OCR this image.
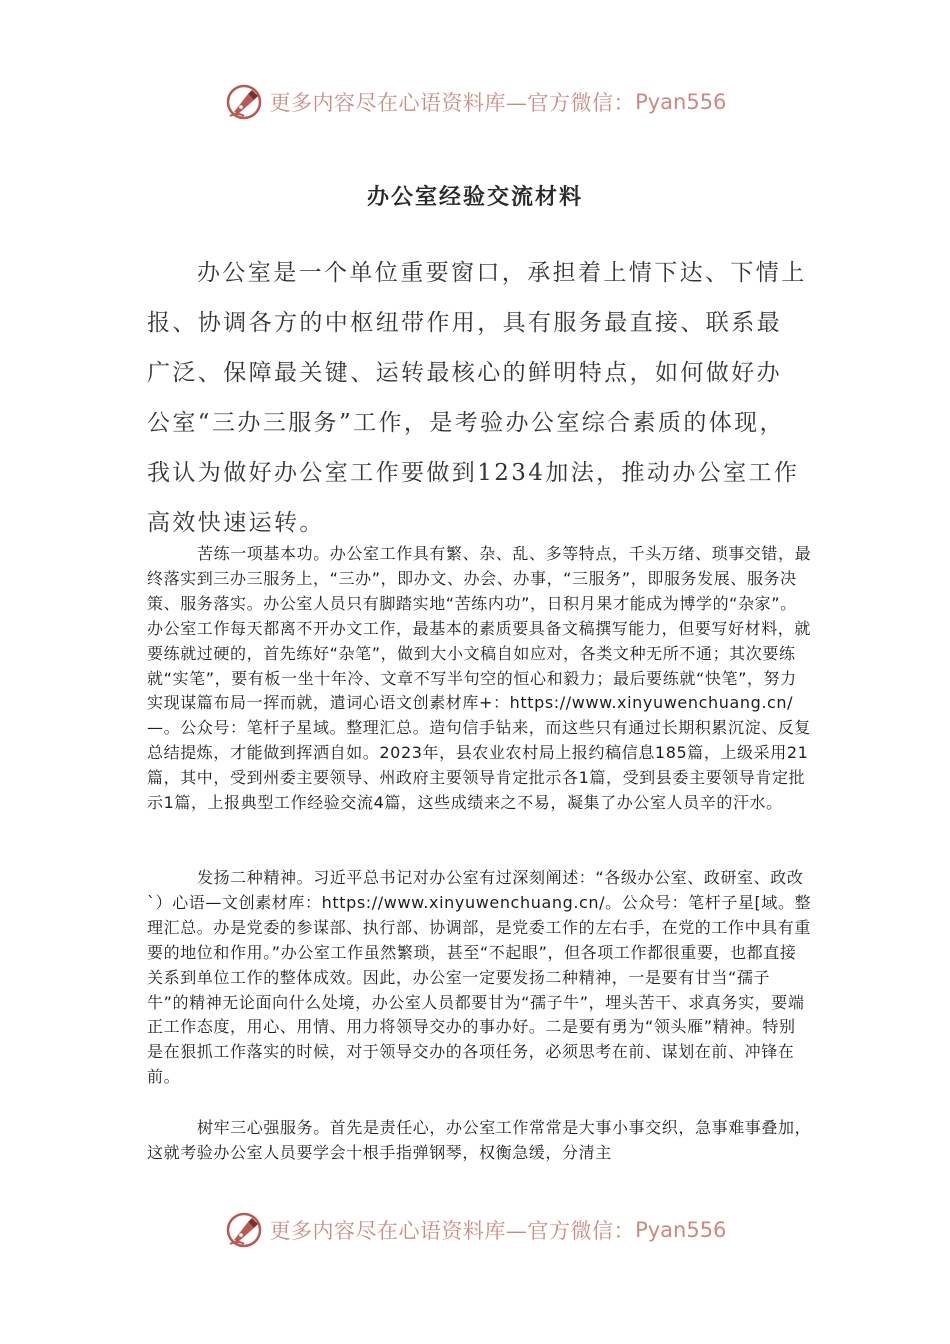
更多内容尽在心语资料库—官方微信： Pyan556
办公室经验交流材料

办公室是一个单位重要窗口，承担着上情下达、下情上报、协调各方的中枢纽带作用，具有服务最直接、联系最广泛、保障最关键、运转最核心的鲜明特点，如何做好办公室“三办三服务”工作，是考验办公室综合素质的体现，我认为做好办公室工作要做到1234加法，推动办公室工作高效快速运转。

苦练一项基本功。办公室工作具有繁、杂、乱、多等特点，千头万绪、琐事交错，最终落实到三办三服务上，“三办”，即办文、办会、办事，“三服务”，即服务发展、服务决策、服务落实。办公室人员只有脚踏实地“苦练内功”，日积月果才能成为博学的“杂家”。办公室工作每天都离不开办文工作，最基本的素质要具备文稿撰写能力，但要写好材料，就要练就过硬的，首先练好“杂笔”，做到大小文稿自如应对，各类文种无所不通；其次要练就“实笔”，要有板一坐十年冷、文章不写半句空的恒心和毅力；最后要练就“快笔”，努力实现谋篇布局一挥而就，遣词心语文创素材库+：https://www.xinyuwenchuang.cn/—。公众号：笔杆子星域。整理汇总。造句信手钻来，而这些只有通过长期积累沉淀、反复总结提炼，才能做到挥洒自如。2023年，县农业农村局上报约稿信息185篇，上级采用21篇，其中，受到州委主要领导、州政府主要领导肯定批示各1篇，受到县委主要领导肯定批示1篇，上报典型工作经验交流4篇，这些成绩来之不易，凝集了办公室人员辛的汗水。

发扬二种精神。习近平总书记对办公室有过深刻阐述：“各级办公室、政研室、政改`）心语—文创素材库：https://www.xinyuwenchuang.cn/。公众号：笔杆子星[域。整理汇总。办是党委的参谋部、执行部、协调部，是党委工作的左右手，在党的工作中具有重要的地位和作用。”办公室工作虽然繁琐，甚至“不起眼”，但各项工作都很重要，也都直接关系到单位工作的整体成效。因此，办公室一定要发扬二种精神，一是要有甘当“孺子牛”的精神无论面向什么处境，办公室人员都要甘为“孺子牛”，埋头苦干、求真务实，要端正工作态度，用心、用情、用力将领导交办的事办好。二是要有勇为“领头雁”精神。特别是在狠抓工作落实的时候，对于领导交办的各项任务，必须思考在前、谋划在前、冲锋在前。

树牢三心强服务。首先是责任心，办公室工作常常是大事小事交织，急事难事叠加，这就考验办公室人员要学会十根手指弹钢琴，权衡急缓，分清主

更多内容尽在心语资料库—官方微信： Pyan556
